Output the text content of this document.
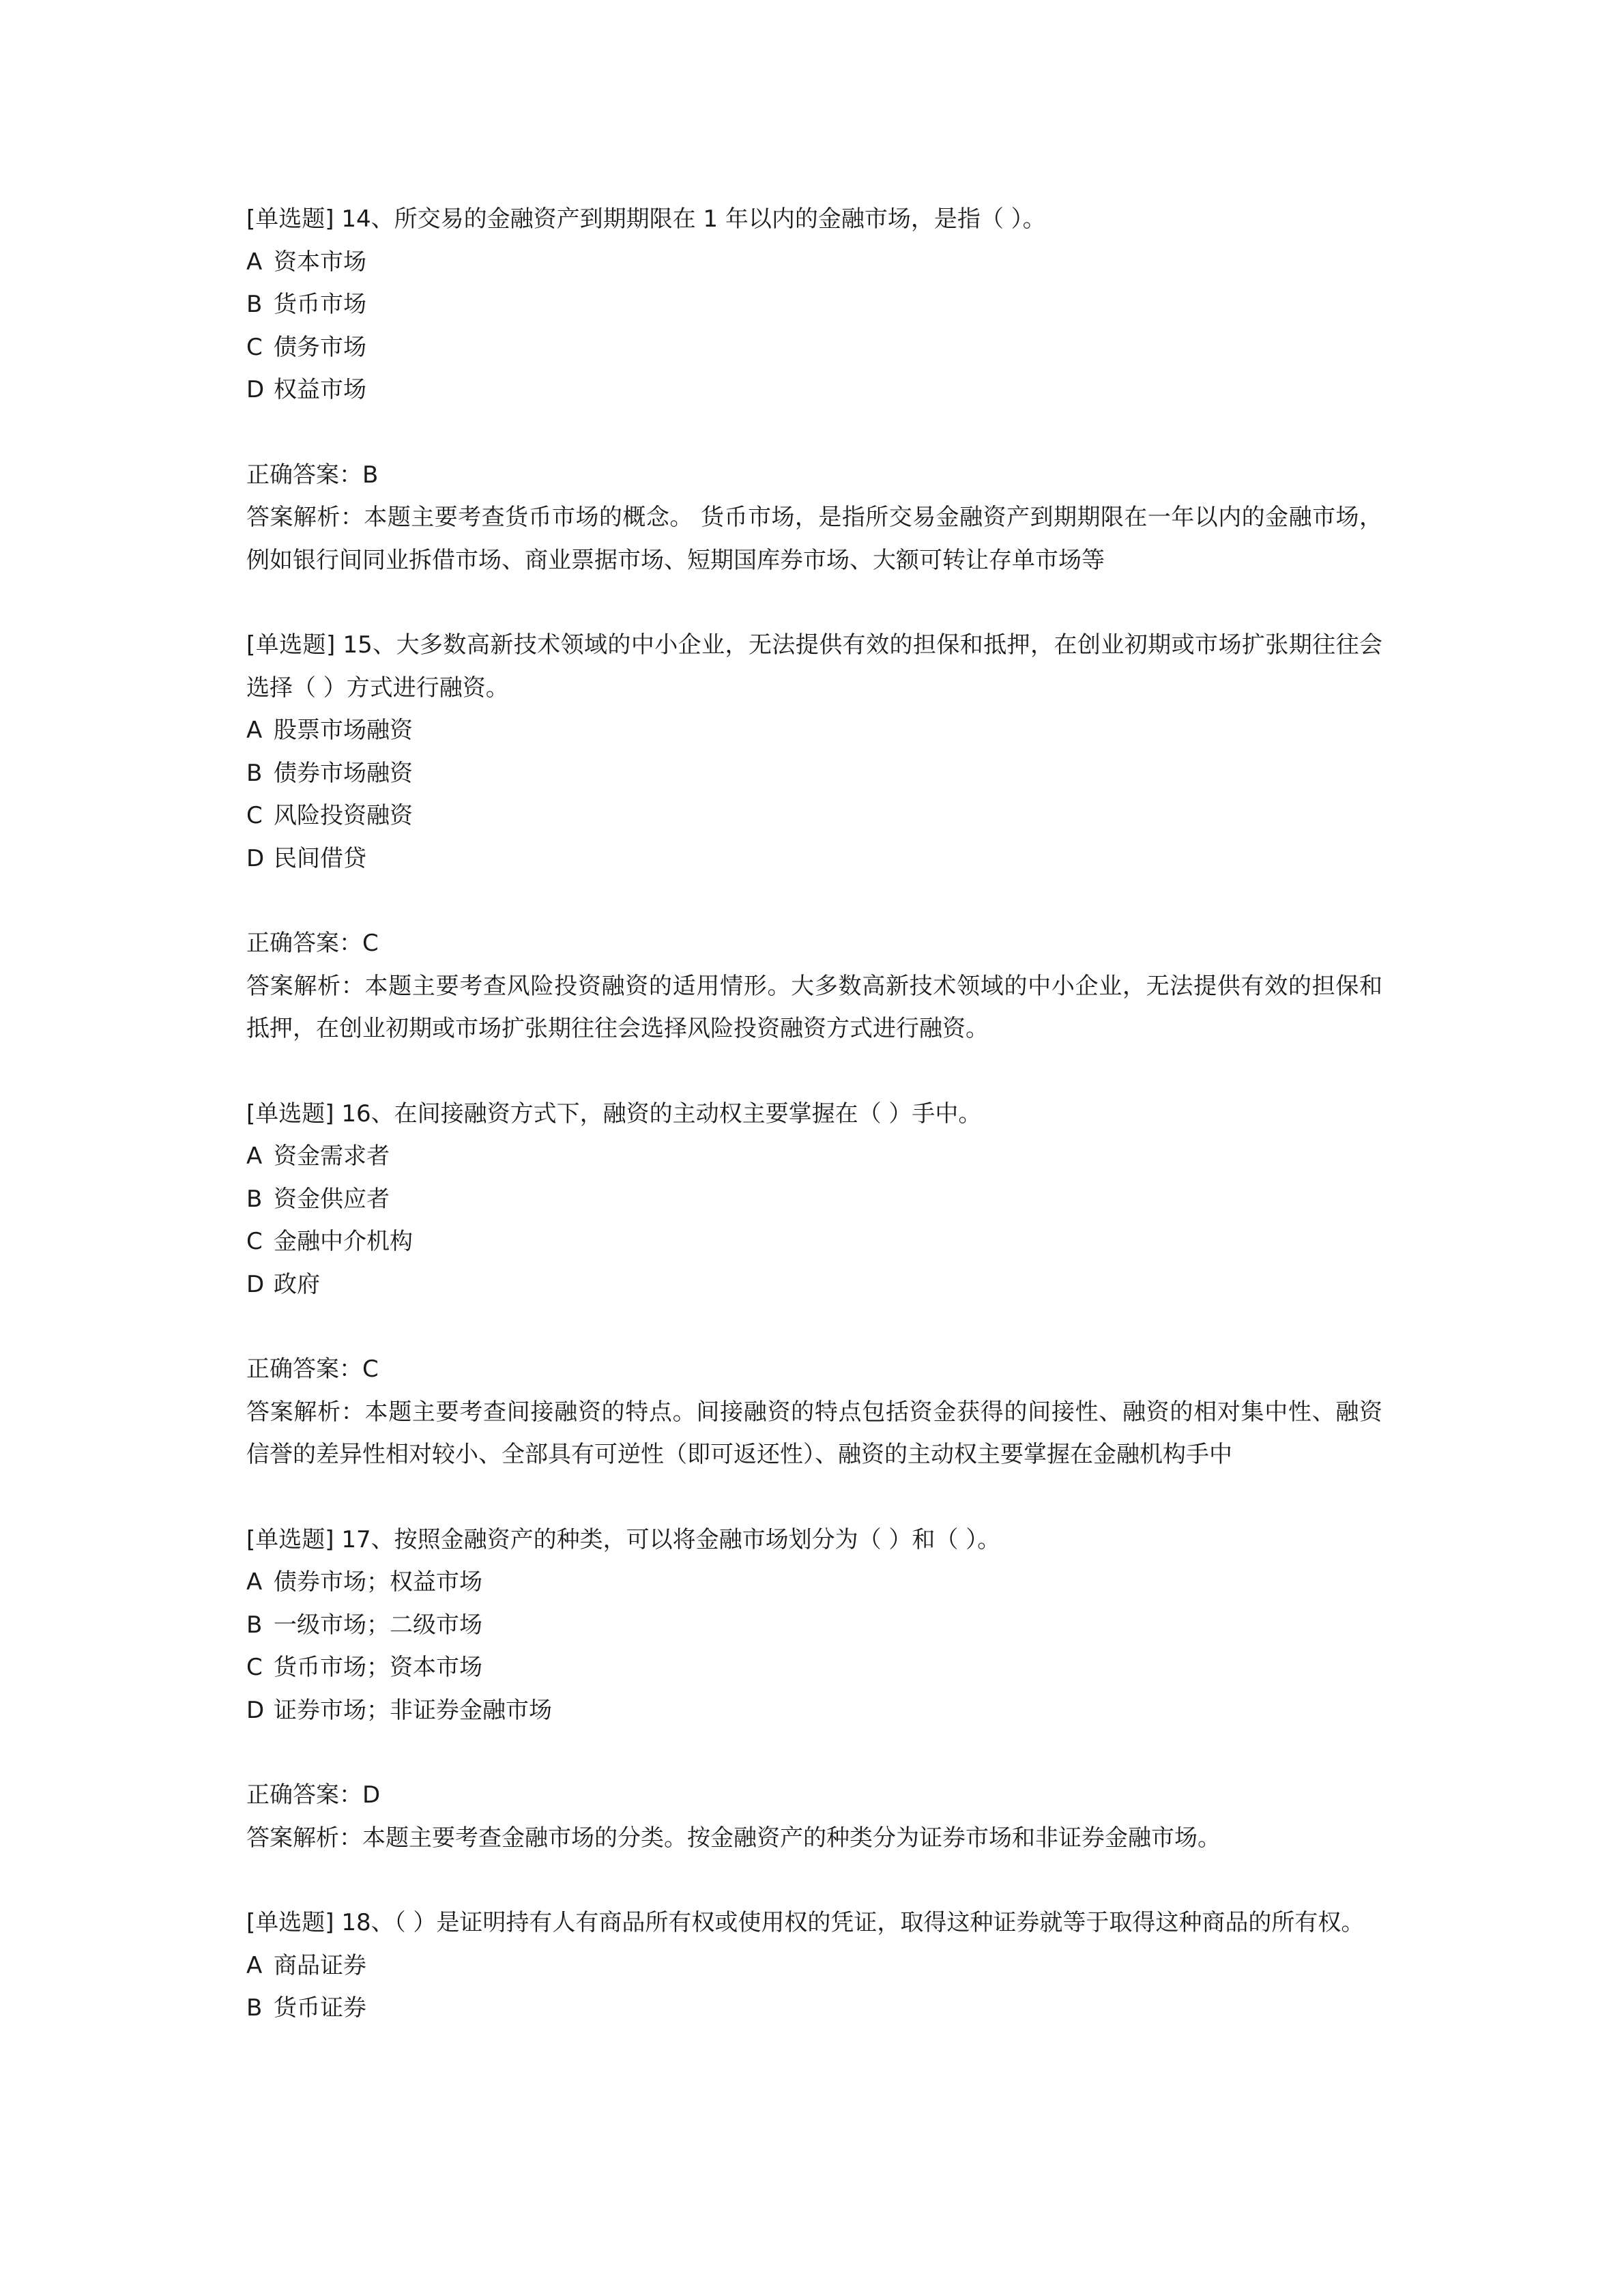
[单选题] 14、所交易的金融资产到期期限在 1 年以内的金融市场，是指（ ）。
A 资本市场
B 货币市场
C 债务市场
D 权益市场
正确答案：B
答案解析：本题主要考查货币市场的概念。 货币市场，是指所交易金融资产到期期限在一年以内的金融市场，例如银行间同业拆借市场、商业票据市场、短期国库券市场、大额可转让存单市场等
[单选题] 15、大多数高新技术领域的中小企业，无法提供有效的担保和抵押，在创业初期或市场扩张期往往会选择（ ）方式进行融资。
A 股票市场融资
B 债券市场融资
C 风险投资融资
D 民间借贷
正确答案：C
答案解析：本题主要考查风险投资融资的适用情形。大多数高新技术领域的中小企业，无法提供有效的担保和抵押，在创业初期或市场扩张期往往会选择风险投资融资方式进行融资。
[单选题] 16、在间接融资方式下，融资的主动权主要掌握在（ ）手中。
A 资金需求者
B 资金供应者
C 金融中介机构
D 政府
正确答案：C
答案解析：本题主要考查间接融资的特点。间接融资的特点包括资金获得的间接性、融资的相对集中性、融资信誉的差异性相对较小、全部具有可逆性（即可返还性）、融资的主动权主要掌握在金融机构手中
[单选题] 17、按照金融资产的种类，可以将金融市场划分为（ ）和（ ）。
A 债券市场；权益市场
B 一级市场；二级市场
C 货币市场；资本市场
D 证券市场；非证券金融市场
正确答案：D
答案解析：本题主要考查金融市场的分类。按金融资产的种类分为证券市场和非证券金融市场。
[单选题] 18、（ ）是证明持有人有商品所有权或使用权的凭证，取得这种证券就等于取得这种商品的所有权。
A 商品证券
B 货币证券
